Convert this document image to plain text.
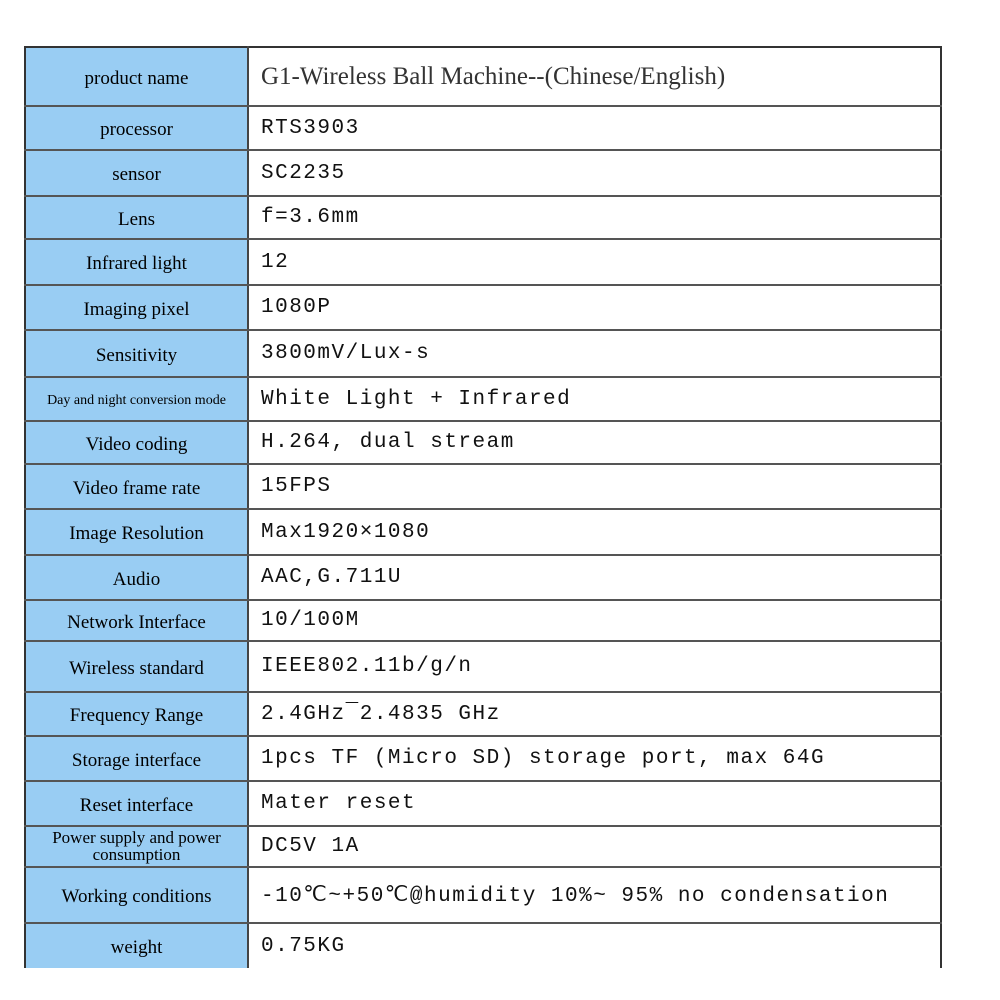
product name	G1-Wireless Ball Machine--(Chinese/English)
processor	RTS3903
sensor	SC2235
Lens	f=3.6mm
Infrared light	12
Imaging pixel	1080P
Sensitivity	3800mV/Lux-s
Day and night conversion mode	White Light + Infrared
Video coding	H.264, dual stream
Video frame rate	15FPS
Image Resolution	Max1920×1080
Audio	AAC,G.711U
Network Interface	10/100M
Wireless standard	IEEE802.11b/g/n
Frequency Range	2.4GHz¯2.4835 GHz
Storage interface	1pcs TF (Micro SD) storage port, max 64G
Reset interface	Mater reset
Power supply and power consumption	DC5V 1A
Working conditions	-10℃~+50℃@humidity 10%~ 95% no condensation
weight	0.75KG
